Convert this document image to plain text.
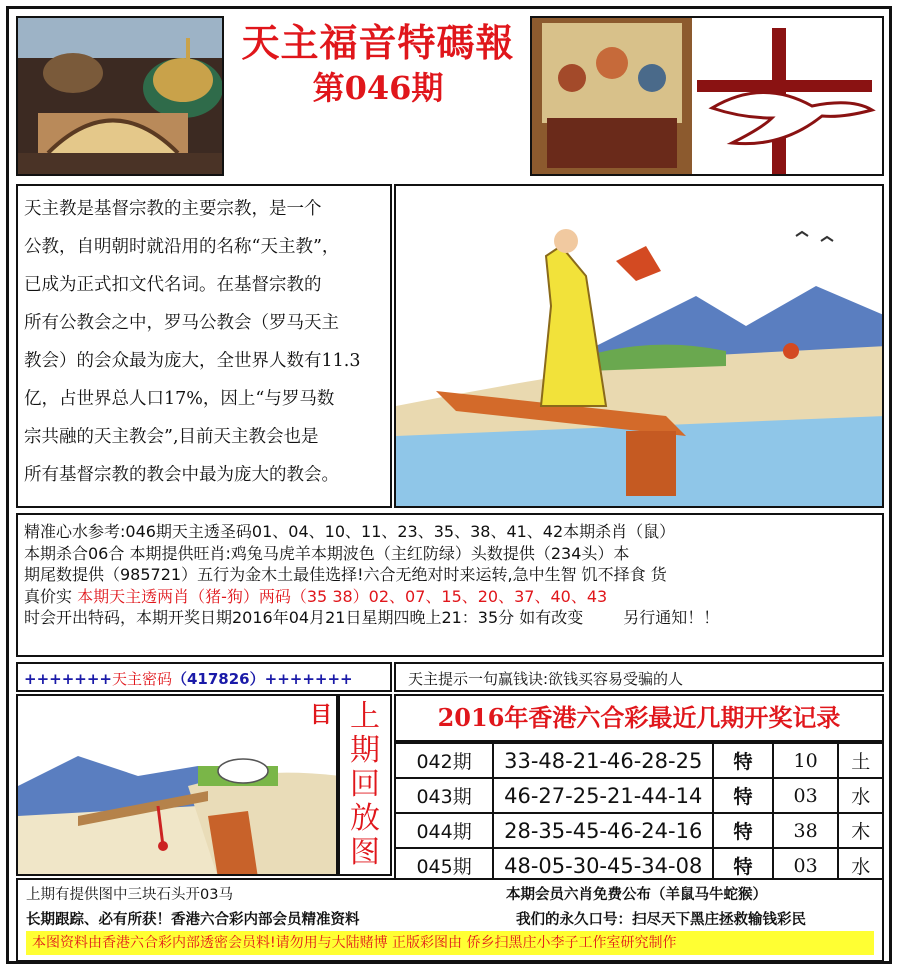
天主福音特碼報
第046期
天主教是基督宗教的主要宗教，是一个
公教，自明朝时就沿用的名称“天主教”，
已成为正式扣文代名词。在基督宗教的
所有公教会之中，罗马公教会（罗马天主
教会）的会众最为庞大，全世界人数有11.3
亿，占世界总人口17%，因上“与罗马数
宗共融的天主教会”,目前天主教会也是
所有基督宗教的教会中最为庞大的教会。
精准心水参考:046期天主透圣码01、04、10、11、23、35、38、41、42本期杀肖（鼠）
本期杀合06合 本期提供旺肖:鸡兔马虎羊本期波色（主红防绿）头数提供（234头）本
期尾数提供（985721）五行为金木土最佳选择!六合无绝对时来运转,急中生智 饥不择食 货
真价实 本期天主透两肖（猪-狗）两码（35 38）02、07、15、20、37、40、43
时会开出特码，本期开奖日期2016年04月21日星期四晚上21：35分 如有改变	另行通知！！
+++++++天主密码（417826）+++++++	天主提示一句赢钱诀:欲钱买容易受骗的人
目 上
期
回
放
图
2016年香港六合彩最近几期开奖记录
042期	33-48-21-46-28-25	特	10	土
043期	46-27-25-21-44-14	特	03	水
044期	28-35-45-46-24-16	特	38	木
045期	48-05-30-45-34-08	特	03	水
上期有提供图中三块石头开03马	本期会员六肖免费公布（羊鼠马牛蛇猴）
长期跟踪、必有所获！香港六合彩内部会员精准资料	我们的永久口号：扫尽天下黑庄拯救输钱彩民
本图资料由香港六合彩内部透密会员料!请勿用与大陆赌博 正版彩图由 侨乡扫黑庄小李子工作室研究制作
